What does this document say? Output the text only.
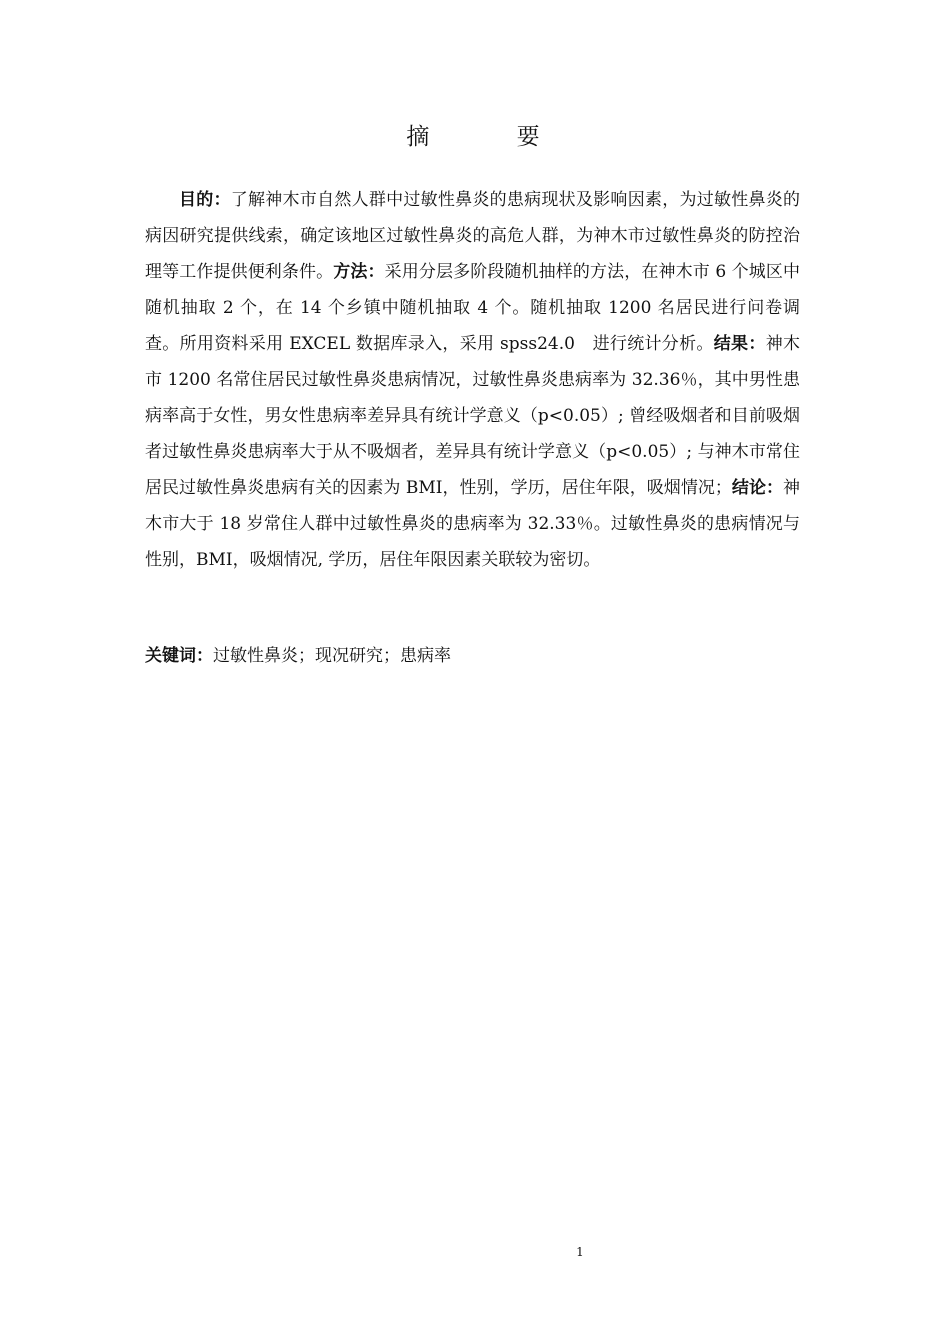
摘 要

目的：了解神木市自然人群中过敏性鼻炎的患病现状及影响因素，为过敏性鼻炎的病因研究提供线索，确定该地区过敏性鼻炎的高危人群，为神木市过敏性鼻炎的防控治理等工作提供便利条件。方法：采用分层多阶段随机抽样的方法，在神木市 6 个城区中随机抽取 2 个，在 14 个乡镇中随机抽取 4 个。随机抽取 1200 名居民进行问卷调查。所用资料采用 EXCEL 数据库录入，采用 spss24.0　进行统计分析。结果：神木市 1200 名常住居民过敏性鼻炎患病情况，过敏性鼻炎患病率为 32.36％，其中男性患病率高于女性，男女性患病率差异具有统计学意义（p<0.05）; 曾经吸烟者和目前吸烟者过敏性鼻炎患病率大于从不吸烟者，差异具有统计学意义（p<0.05）; 与神木市常住居民过敏性鼻炎患病有关的因素为 BMI，性别，学历，居住年限，吸烟情况；结论：神木市大于 18 岁常住人群中过敏性鼻炎的患病率为 32.33％。过敏性鼻炎的患病情况与性别，BMI，吸烟情况, 学历，居住年限因素关联较为密切。

关键词：过敏性鼻炎；现况研究；患病率
1
